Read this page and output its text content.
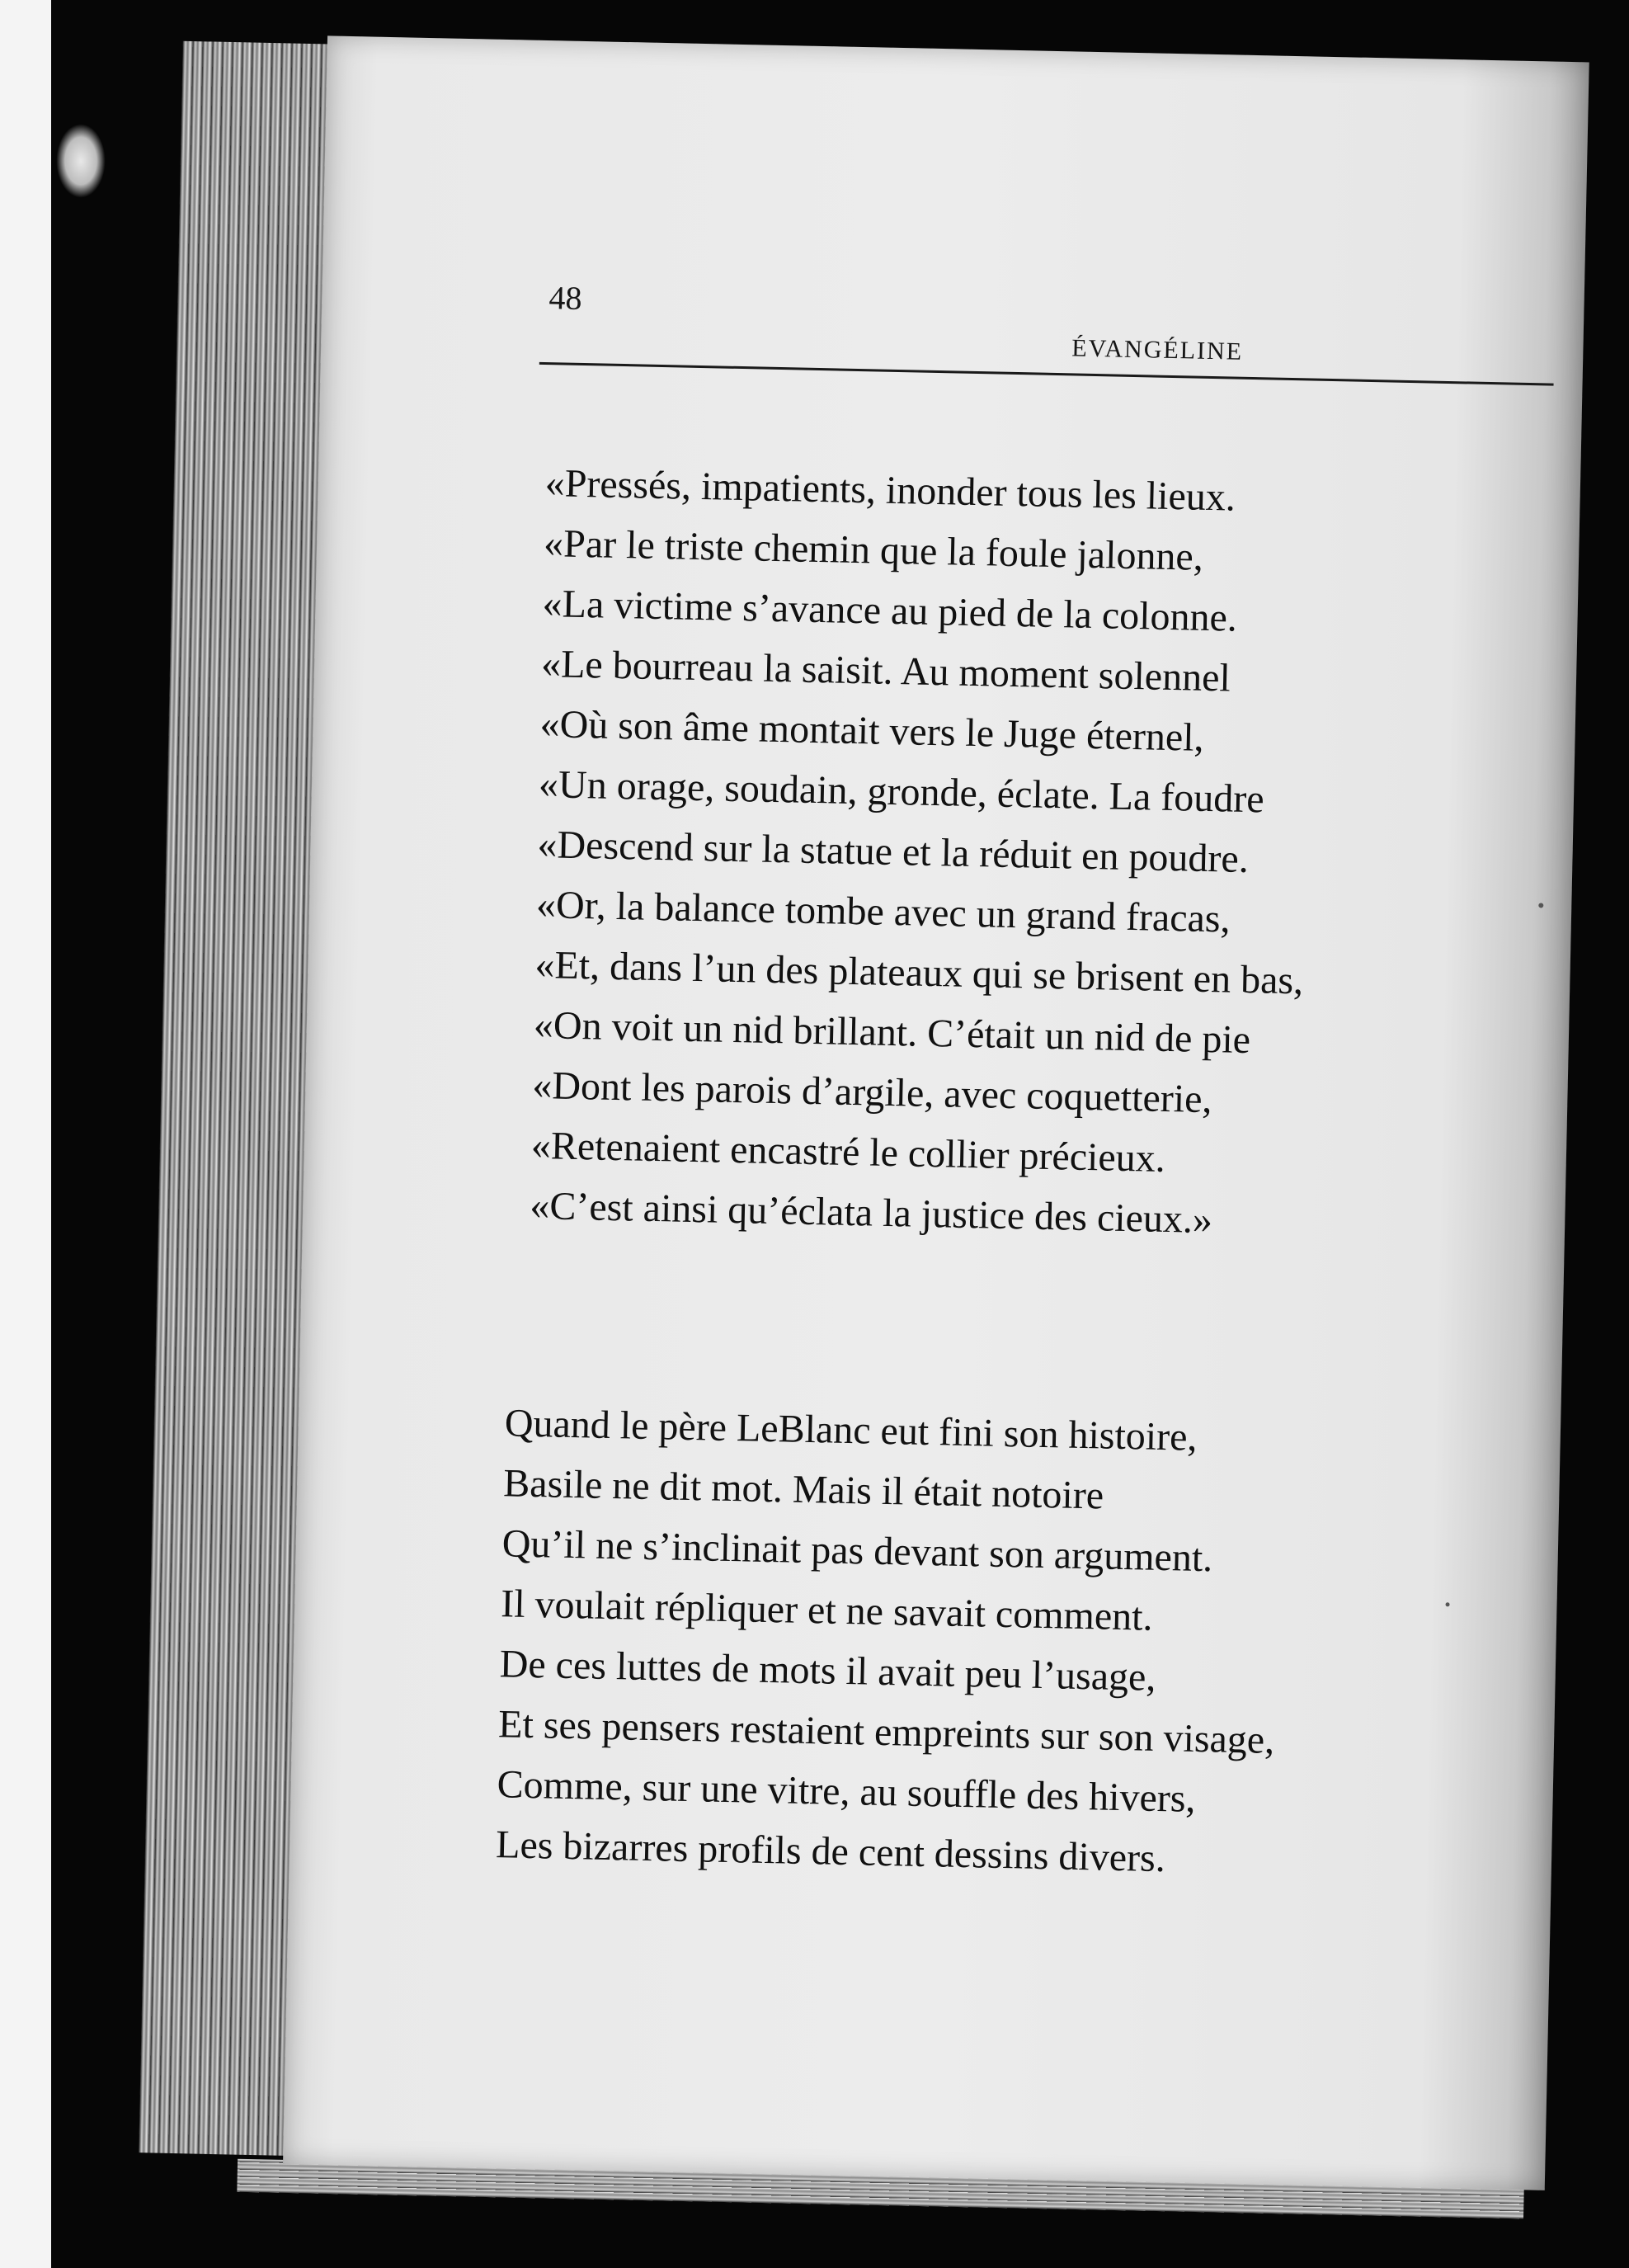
48
ÉVANGÉLINE
«Pressés, impatients, inonder tous les lieux.
«Par le triste chemin que la foule jalonne,
«La victime s’avance au pied de la colonne.
«Le bourreau la saisit. Au moment solennel
«Où son âme montait vers le Juge éternel,
«Un orage, soudain, gronde, éclate. La foudre
«Descend sur la statue et la réduit en poudre.
«Or, la balance tombe avec un grand fracas,
«Et, dans l’un des plateaux qui se brisent en bas,
«On voit un nid brillant. C’était un nid de pie
«Dont les parois d’argile, avec coquetterie,
«Retenaient encastré le collier précieux.
«C’est ainsi qu’éclata la justice des cieux.»
Quand le père LeBlanc eut fini son histoire,
Basile ne dit mot. Mais il était notoire
Qu’il ne s’inclinait pas devant son argument.
Il voulait répliquer et ne savait comment.
De ces luttes de mots il avait peu l’usage,
Et ses pensers restaient empreints sur son visage,
Comme, sur une vitre, au souffle des hivers,
Les bizarres profils de cent dessins divers.
